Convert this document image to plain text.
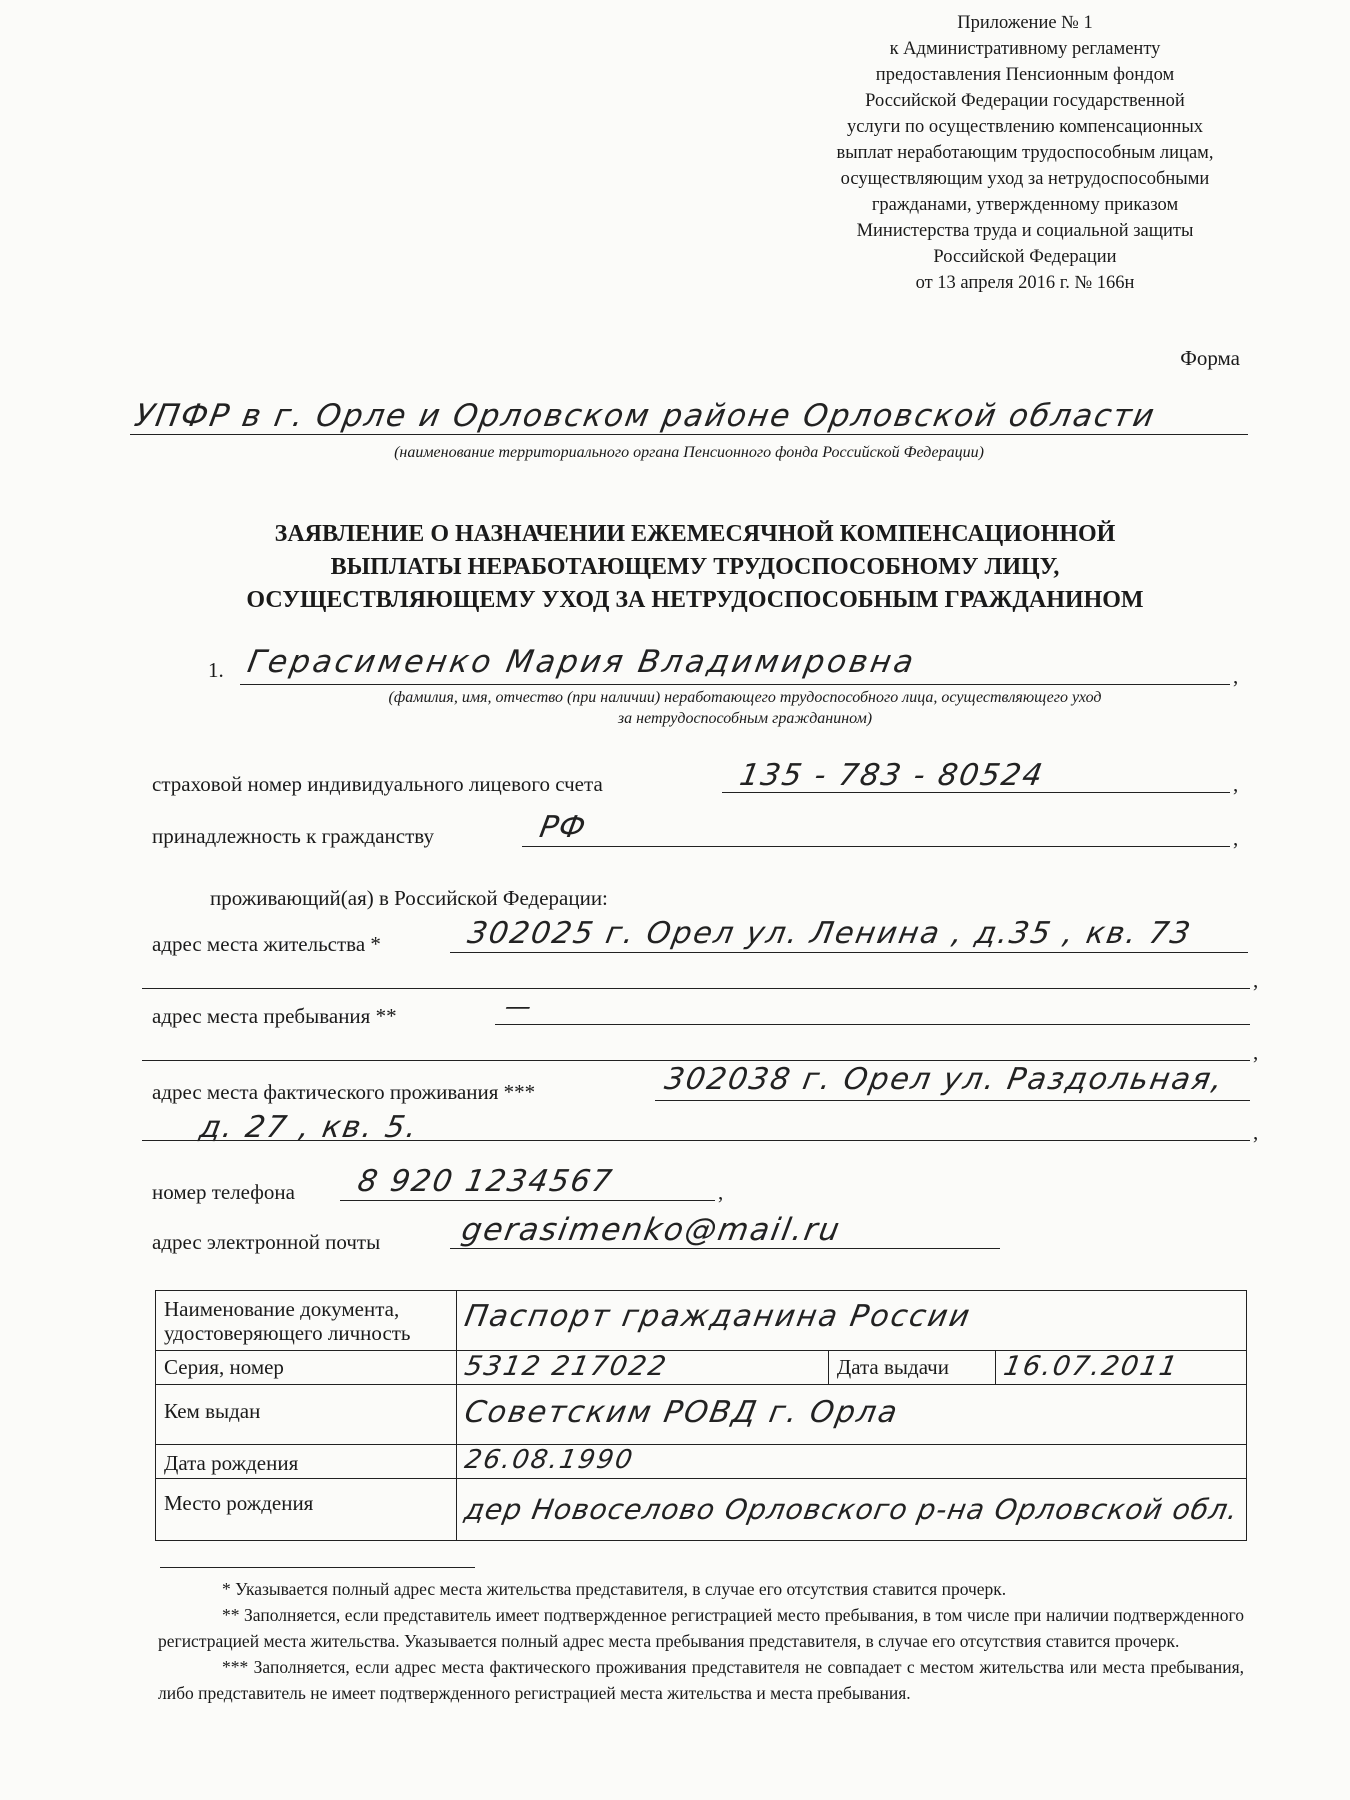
Приложение № 1
к Административному регламенту
предоставления Пенсионным фондом
Российской Федерации государственной
услуги по осуществлению компенсационных
выплат неработающим трудоспособным лицам,
осуществляющим уход за нетрудоспособными
гражданами, утвержденному приказом
Министерства труда и социальной защиты
Российской Федерации
от 13 апреля 2016 г. № 166н
Форма
УПФР в г. Орле и Орловском районе Орловской области
(наименование территориального органа Пенсионного фонда Российской Федерации)
ЗАЯВЛЕНИЕ О НАЗНАЧЕНИИ ЕЖЕМЕСЯЧНОЙ КОМПЕНСАЦИОННОЙ
ВЫПЛАТЫ НЕРАБОТАЮЩЕМУ ТРУДОСПОСОБНОМУ ЛИЦУ,
ОСУЩЕСТВЛЯЮЩЕМУ УХОД ЗА НЕТРУДОСПОСОБНЫМ ГРАЖДАНИНОМ
1. Герасименко Мария Владимировна	,
(фамилия, имя, отчество (при наличии) неработающего трудоспособного лица, осуществляющего уход
за нетрудоспособным гражданином)
страховой номер индивидуального лицевого счета	135 - 783 - 80524	,
принадлежность к гражданству	РФ	,
проживающий(ая) в Российской Федерации:
адрес места жительства *	302025 г. Орел ул. Ленина , д.35 , кв. 73
,
адрес места пребывания **	—
,
адрес места фактического проживания ***	302038 г. Орел ул. Раздольная,
д. 27 , кв. 5.	,
номер телефона 8 920 1234567	,
адрес электронной почты	gerasimenko@mail.ru
Наименование документа, удостоверяющего личность	Паспорт гражданина России		
Серия, номер	5312 217022	Дата выдачи	16.07.2011
Кем выдан	Советским РОВД г. Орла		
Дата рождения	26.08.1990		
Место рождения	дер Новоселово Орловского р-на Орловской обл.		

* Указывается полный адрес места жительства представителя, в случае его отсутствия ставится прочерк.

** Заполняется, если представитель имеет подтвержденное регистрацией место пребывания, в том числе при наличии подтвержденного регистрацией места жительства. Указывается полный адрес места пребывания представителя, в случае его отсутствия ставится прочерк.

*** Заполняется, если адрес места фактического проживания представителя не совпадает с местом жительства или места пребывания, либо представитель не имеет подтвержденного регистрацией места жительства и места пребывания.
